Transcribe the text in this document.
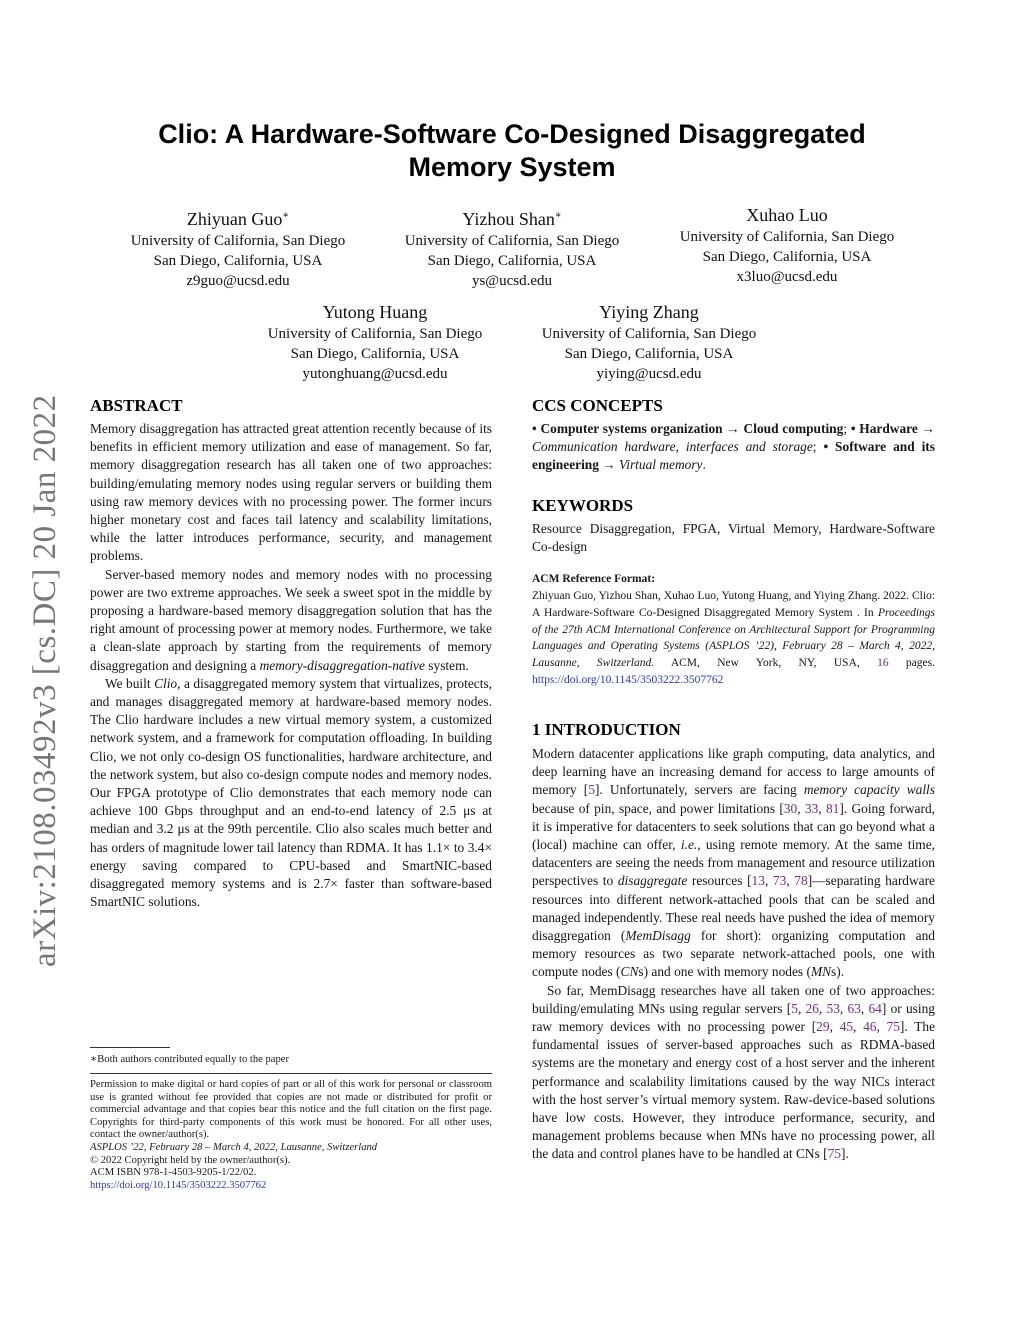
arXiv:2108.03492v3 [cs.DC] 20 Jan 2022
Clio: A Hardware-Software Co-Designed Disaggregated
Memory System
Zhiyuan Guo∗
University of California, San Diego
San Diego, California, USA
z9guo@ucsd.edu
Yizhou Shan∗
University of California, San Diego
San Diego, California, USA
ys@ucsd.edu
Xuhao Luo
University of California, San Diego
San Diego, California, USA
x3luo@ucsd.edu
Yutong Huang
University of California, San Diego
San Diego, California, USA
yutonghuang@ucsd.edu
Yiying Zhang
University of California, San Diego
San Diego, California, USA
yiying@ucsd.edu
ABSTRACT

Memory disaggregation has attracted great attention recently because of its benefits in efficient memory utilization and ease of management. So far, memory disaggregation research has all taken one of two approaches: building/emulating memory nodes using regular servers or building them using raw memory devices with no processing power. The former incurs higher monetary cost and faces tail latency and scalability limitations, while the latter introduces performance, security, and management problems.

Server-based memory nodes and memory nodes with no processing power are two extreme approaches. We seek a sweet spot in the middle by proposing a hardware-based memory disaggregation solution that has the right amount of processing power at memory nodes. Furthermore, we take a clean-slate approach by starting from the requirements of memory disaggregation and designing a memory-disaggregation-native system.

We built Clio, a disaggregated memory system that virtualizes, protects, and manages disaggregated memory at hardware-based memory nodes. The Clio hardware includes a new virtual memory system, a customized network system, and a framework for computation offloading. In building Clio, we not only co-design OS functionalities, hardware architecture, and the network system, but also co-design compute nodes and memory nodes. Our FPGA prototype of Clio demonstrates that each memory node can achieve 100 Gbps throughput and an end-to-end latency of 2.5 μs at median and 3.2 μs at the 99th percentile. Clio also scales much better and has orders of magnitude lower tail latency than RDMA. It has 1.1× to 3.4× energy saving compared to CPU-based and SmartNIC-based disaggregated memory systems and is 2.7× faster than software-based SmartNIC solutions.

∗Both authors contributed equally to the paper
Permission to make digital or hard copies of part or all of this work for personal or classroom use is granted without fee provided that copies are not made or distributed for profit or commercial advantage and that copies bear this notice and the full citation on the first page. Copyrights for third-party components of this work must be honored. For all other uses, contact the owner/author(s).
ASPLOS ’22, February 28 – March 4, 2022, Lausanne, Switzerland
© 2022 Copyright held by the owner/author(s).
ACM ISBN 978-1-4503-9205-1/22/02.
https://doi.org/10.1145/3503222.3507762
CCS CONCEPTS

• Computer systems organization → Cloud computing; • Hardware → Communication hardware, interfaces and storage; • Software and its engineering → Virtual memory.

KEYWORDS

Resource Disaggregation, FPGA, Virtual Memory, Hardware-Software Co-design

ACM Reference Format:

Zhiyuan Guo, Yizhou Shan, Xuhao Luo, Yutong Huang, and Yiying Zhang. 2022. Clio: A Hardware-Software Co-Designed Disaggregated Memory System . In Proceedings of the 27th ACM International Conference on Architectural Support for Programming Languages and Operating Systems (ASPLOS ’22), February 28 – March 4, 2022, Lausanne, Switzerland. ACM, New York, NY, USA, 16 pages. https://doi.org/10.1145/3503222.3507762

1 INTRODUCTION

Modern datacenter applications like graph computing, data analytics, and deep learning have an increasing demand for access to large amounts of memory [5]. Unfortunately, servers are facing memory capacity walls because of pin, space, and power limitations [30, 33, 81]. Going forward, it is imperative for datacenters to seek solutions that can go beyond what a (local) machine can offer, i.e., using remote memory. At the same time, datacenters are seeing the needs from management and resource utilization perspectives to disaggregate resources [13, 73, 78]—separating hardware resources into different network-attached pools that can be scaled and managed independently. These real needs have pushed the idea of memory disaggregation (MemDisagg for short): organizing computation and memory resources as two separate network-attached pools, one with compute nodes (CNs) and one with memory nodes (MNs).

So far, MemDisagg researches have all taken one of two approaches: building/emulating MNs using regular servers [5, 26, 53, 63, 64] or using raw memory devices with no processing power [29, 45, 46, 75]. The fundamental issues of server-based approaches such as RDMA-based systems are the monetary and energy cost of a host server and the inherent performance and scalability limitations caused by the way NICs interact with the host server’s virtual memory system. Raw-device-based solutions have low costs. However, they introduce performance, security, and management problems because when MNs have no processing power, all the data and control planes have to be handled at CNs [75].
